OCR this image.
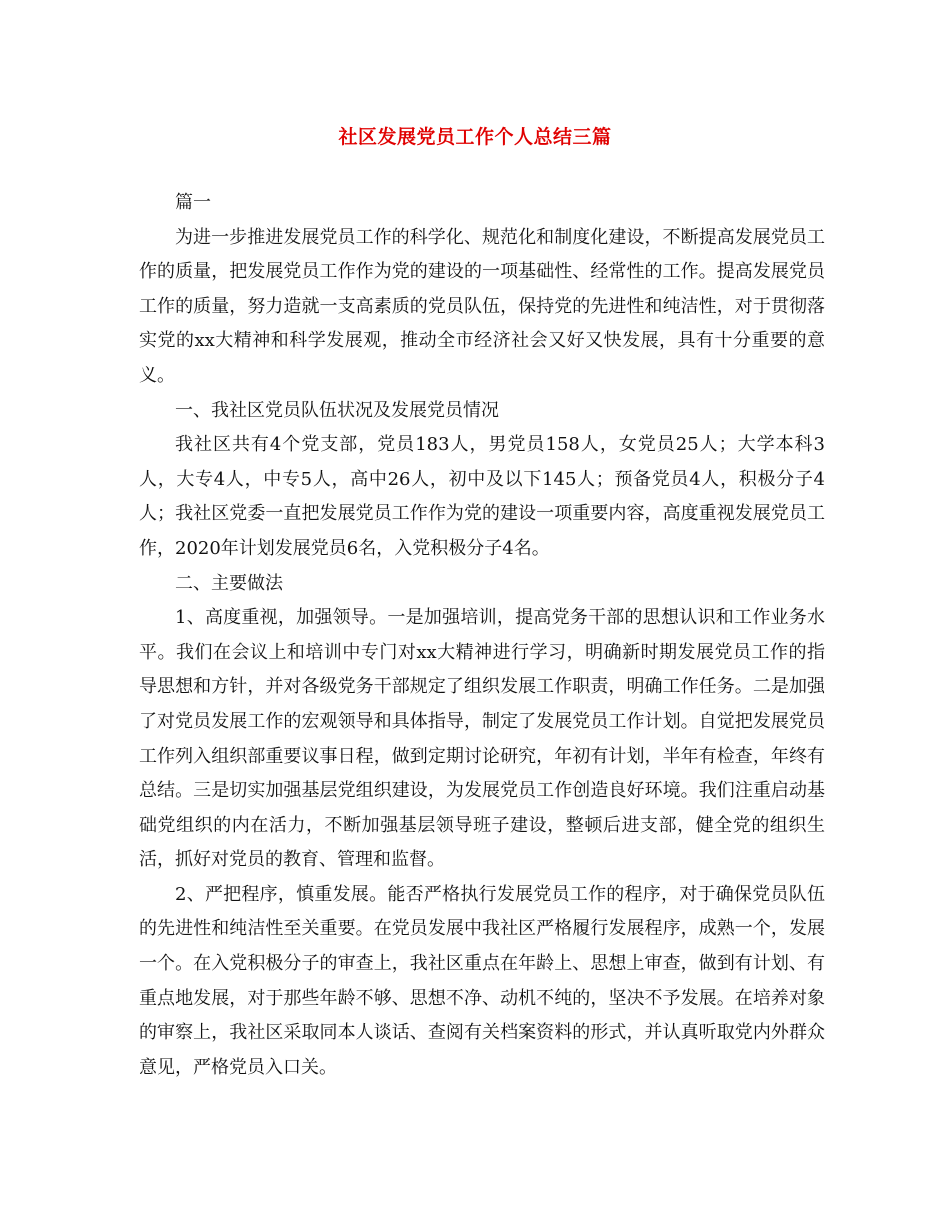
社区发展党员工作个人总结三篇

篇一

为进一步推进发展党员工作的科学化、规范化和制度化建设，不断提高发展党员工作的质量，把发展党员工作作为党的建设的一项基础性、经常性的工作。提高发展党员工作的质量，努力造就一支高素质的党员队伍，保持党的先进性和纯洁性，对于贯彻落实党的xx大精神和科学发展观，推动全市经济社会又好又快发展，具有十分重要的意义。

一、我社区党员队伍状况及发展党员情况

我社区共有4个党支部，党员183人，男党员158人，女党员25人；大学本科3人，大专4人，中专5人，高中26人，初中及以下145人；预备党员4人，积极分子4人；我社区党委一直把发展党员工作作为党的建设一项重要内容，高度重视发展党员工作，2020年计划发展党员6名，入党积极分子4名。

二、主要做法

1、高度重视，加强领导。一是加强培训，提高党务干部的思想认识和工作业务水平。我们在会议上和培训中专门对xx大精神进行学习，明确新时期发展党员工作的指导思想和方针，并对各级党务干部规定了组织发展工作职责，明确工作任务。二是加强了对党员发展工作的宏观领导和具体指导，制定了发展党员工作计划。自觉把发展党员工作列入组织部重要议事日程，做到定期讨论研究，年初有计划，半年有检查，年终有总结。三是切实加强基层党组织建设，为发展党员工作创造良好环境。我们注重启动基础党组织的内在活力，不断加强基层领导班子建设，整顿后进支部，健全党的组织生活，抓好对党员的教育、管理和监督。

2、严把程序，慎重发展。能否严格执行发展党员工作的程序，对于确保党员队伍的先进性和纯洁性至关重要。在党员发展中我社区严格履行发展程序，成熟一个，发展一个。在入党积极分子的审查上，我社区重点在年龄上、思想上审查，做到有计划、有重点地发展，对于那些年龄不够、思想不净、动机不纯的，坚决不予发展。在培养对象的审察上，我社区采取同本人谈话、查阅有关档案资料的形式，并认真听取党内外群众意见，严格党员入口关。
